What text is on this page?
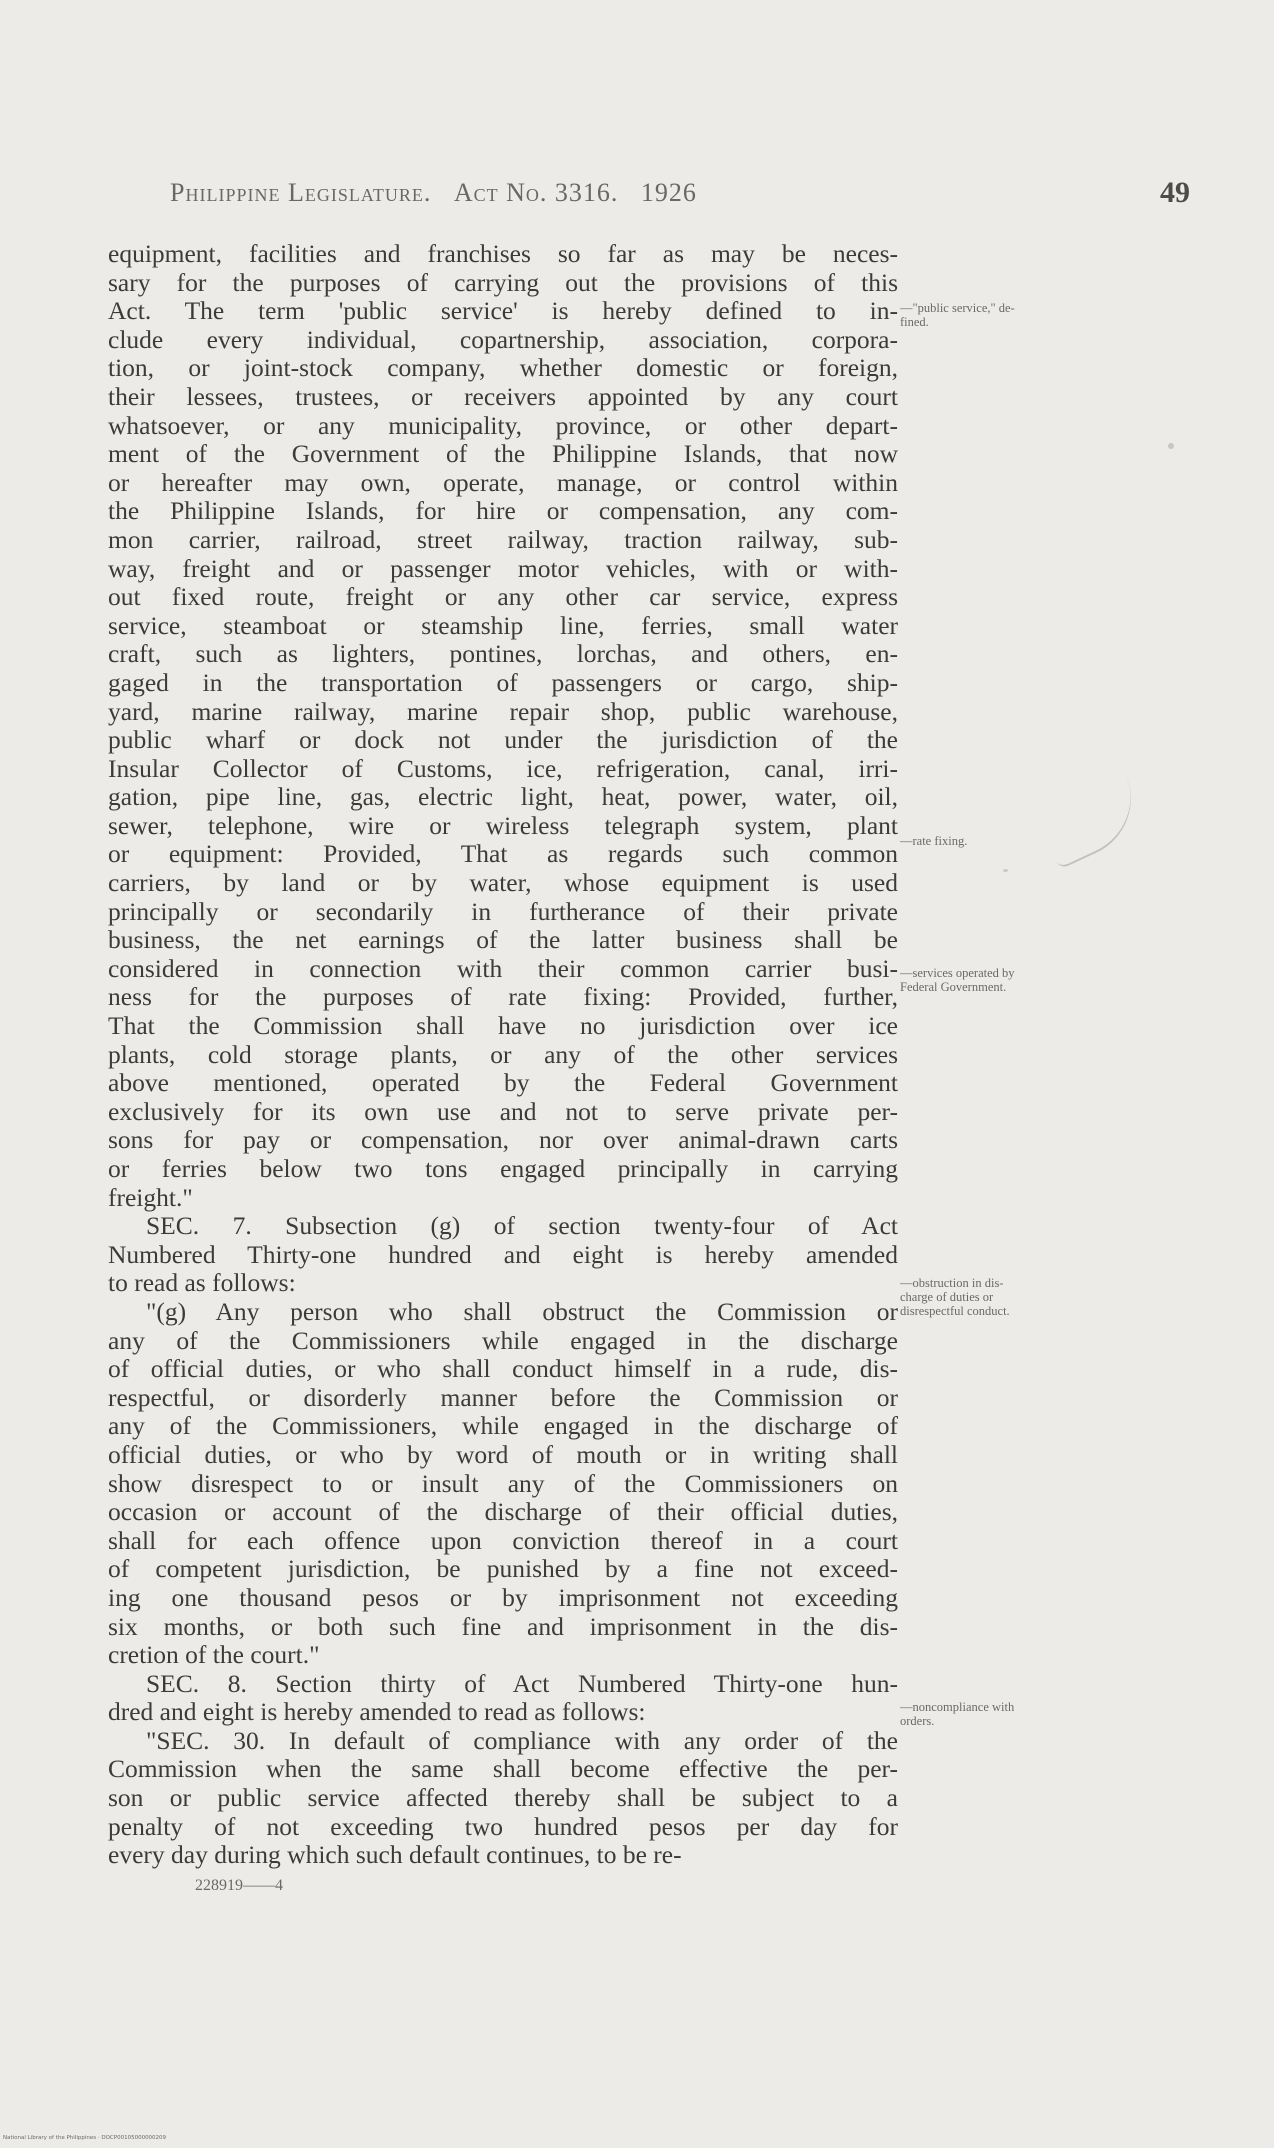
Philippine Legislature. Act No. 3316. 1926	49
equipment, facilities and franchises so far as may be neces-
sary for the purposes of carrying out the provisions of this
Act. The term 'public service' is hereby defined to in-
clude every individual, copartnership, association, corpora-
tion, or joint-stock company, whether domestic or foreign,
their lessees, trustees, or receivers appointed by any court
whatsoever, or any municipality, province, or other depart-
ment of the Government of the Philippine Islands, that now
or hereafter may own, operate, manage, or control within
the Philippine Islands, for hire or compensation, any com-
mon carrier, railroad, street railway, traction railway, sub-
way, freight and or passenger motor vehicles, with or with-
out fixed route, freight or any other car service, express
service, steamboat or steamship line, ferries, small water
craft, such as lighters, pontines, lorchas, and others, en-
gaged in the transportation of passengers or cargo, ship-
yard, marine railway, marine repair shop, public warehouse,
public wharf or dock not under the jurisdiction of the
Insular Collector of Customs, ice, refrigeration, canal, irri-
gation, pipe line, gas, electric light, heat, power, water, oil,
sewer, telephone, wire or wireless telegraph system, plant
or equipment: Provided, That as regards such common
carriers, by land or by water, whose equipment is used
principally or secondarily in furtherance of their private
business, the net earnings of the latter business shall be
considered in connection with their common carrier busi-
ness for the purposes of rate fixing: Provided, further,
That the Commission shall have no jurisdiction over ice
plants, cold storage plants, or any of the other services
above mentioned, operated by the Federal Government
exclusively for its own use and not to serve private per-
sons for pay or compensation, nor over animal-drawn carts
or ferries below two tons engaged principally in carrying
freight."
SEC. 7. Subsection (g) of section twenty-four of Act
Numbered Thirty-one hundred and eight is hereby amended
to read as follows:
"(g) Any person who shall obstruct the Commission or
any of the Commissioners while engaged in the discharge
of official duties, or who shall conduct himself in a rude, dis-
respectful, or disorderly manner before the Commission or
any of the Commissioners, while engaged in the discharge of
official duties, or who by word of mouth or in writing shall
show disrespect to or insult any of the Commissioners on
occasion or account of the discharge of their official duties,
shall for each offence upon conviction thereof in a court
of competent jurisdiction, be punished by a fine not exceed-
ing one thousand pesos or by imprisonment not exceeding
six months, or both such fine and imprisonment in the dis-
cretion of the court."
SEC. 8. Section thirty of Act Numbered Thirty-one hun-
dred and eight is hereby amended to read as follows:
"SEC. 30. In default of compliance with any order of the
Commission when the same shall become effective the per-
son or public service affected thereby shall be subject to a
penalty of not exceeding two hundred pesos per day for
every day during which such default continues, to be re-
—"public service," de-
fined.
—rate fixing.
—services operated by
Federal Government.
—obstruction in dis-
charge of duties or
disrespectful conduct.
—noncompliance with
orders.
228919——4
National Library of the Philippines · DOCP00105000000209
